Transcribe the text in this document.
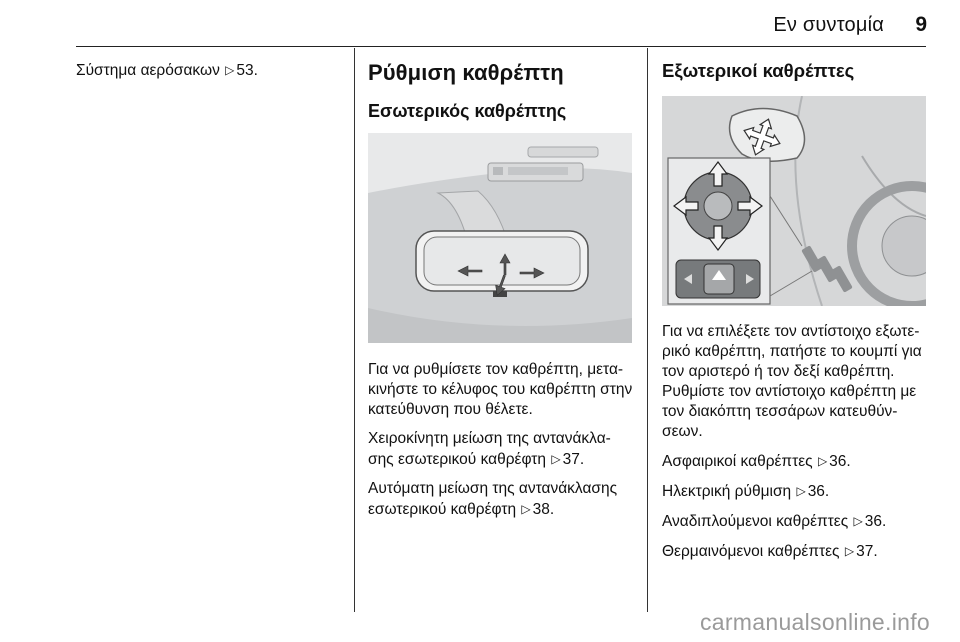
Εν συντομία 9

Σύστημα αερόσακων ▷ 53.	Ρύθμιση καθρέπτη
Εσωτερικός καθρέπτης

Για να ρυθμίσετε τον καθρέπτη, μετα-κινήστε το κέλυφος του καθρέπτη στην κατεύθυνση που θέλετε.

Χειροκίνητη μείωση της αντανάκλα-σης εσωτερικού καθρέφτη ▷ 37.

Αυτόματη μείωση της αντανάκλασης εσωτερικού καθρέφτη ▷ 38.

Εξωτερικοί καθρέπτες

Για να επιλέξετε τον αντίστοιχο εξωτε-ρικό καθρέπτη, πατήστε το κουμπί για τον αριστερό ή τον δεξί καθρέπτη. Ρυθμίστε τον αντίστοιχο καθρέπτη με τον διακόπτη τεσσάρων κατευθύν-σεων.

Ασφαιρικοί καθρέπτες ▷ 36.

Ηλεκτρική ρύθμιση ▷ 36.

Αναδιπλούμενοι καθρέπτες ▷ 36.

Θερμαινόμενοι καθρέπτες ▷ 37.

carmanualsonline.info
